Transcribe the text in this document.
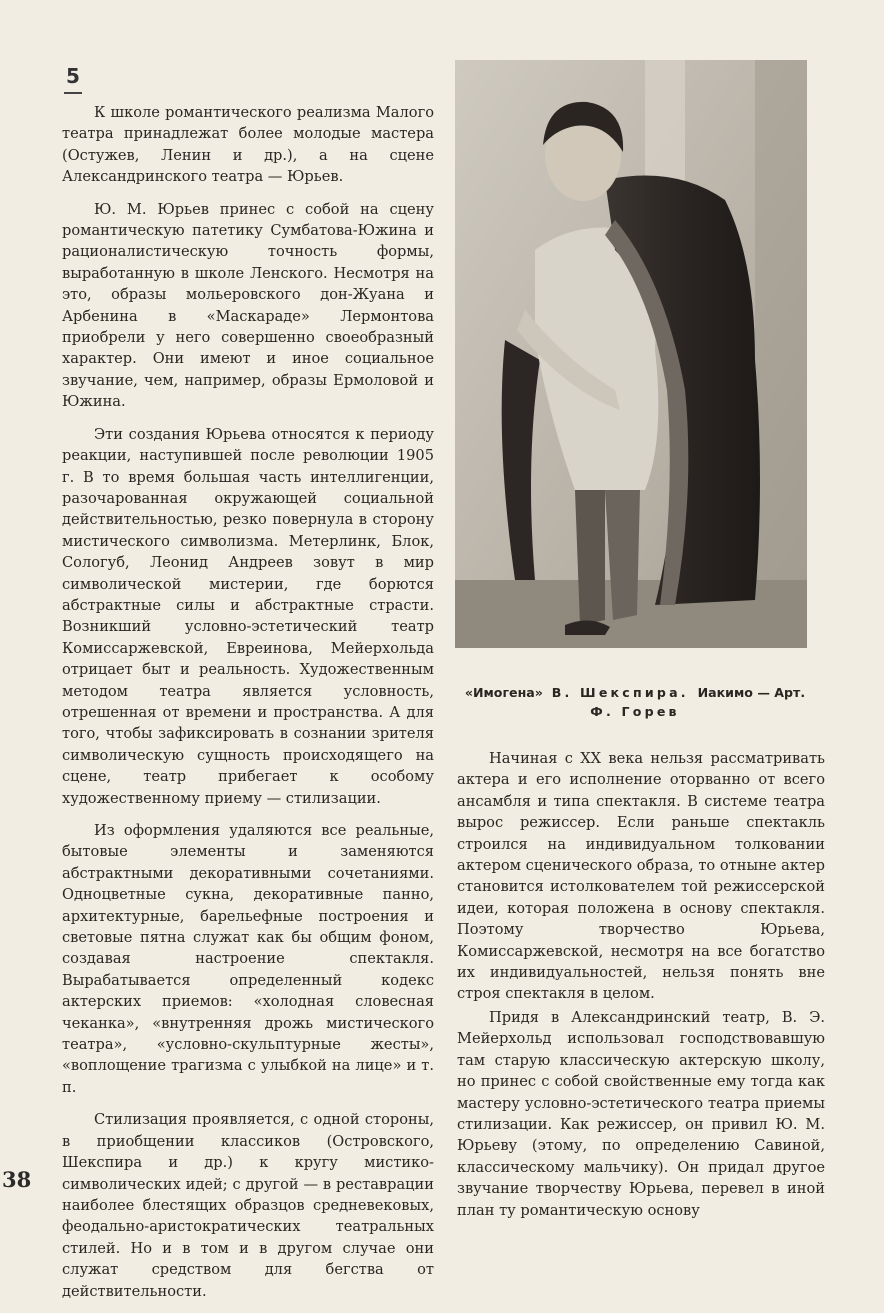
5

К школе романтического реализма Малого театра принадлежат более молодые мастера (Остужев, Ленин и др.), а на сцене Александринского театра — Юрьев.

Ю. М. Юрьев принес с собой на сцену романтическую патетику Сумбатова-Южина и рационалистическую точность формы, выработанную в школе Ленского. Несмотря на это, образы мольеровского дон-Жуана и Арбенина в «Маскараде» Лермонтова приобрели у него совершенно своеобразный характер. Они имеют и иное социальное звучание, чем, например, образы Ермоловой и Южина.

Эти создания Юрьева относятся к периоду реакции, наступившей после революции 1905 г. В то время большая часть интеллигенции, разочарованная окружающей социальной действительностью, резко повернула в сторону мистического символизма. Метерлинк, Блок, Сологуб, Леонид Андреев зовут в мир символической мистерии, где борются абстрактные силы и абстрактные страсти. Возникший условно-эстетический театр Комиссаржевской, Евреинова, Мейерхольда отрицает быт и реальность. Художественным методом театра является условность, отрешенная от времени и пространства. А для того, чтобы зафиксировать в сознании зрителя символическую сущность происходящего на сцене, театр прибегает к особому художественному приему — стилизации.

Из оформления удаляются все реальные, бытовые элементы и заменяются абстрактными декоративными сочетаниями. Одноцветные сукна, декоративные панно, архитектурные, барельефные построения и световые пятна служат как бы общим фоном, создавая настроение спектакля. Вырабатывается определенный кодекс актерских приемов: «холодная словесная чеканка», «внутренняя дрожь мистического театра», «условно-скульптурные жесты», «воплощение трагизма с улыбкой на лице» и т. п.

Стилизация проявляется, с одной стороны, в приобщении классиков (Островского, Шекспира и др.) к кругу мистико-символических идей; с другой — в реставрации наиболее блестящих образцов средневековых, феодально-аристократических театральных стилей. Но и в том и в другом случае они служат средством для бегства от действительности.

«Имогена» В. Шекспира. Иакимо — Арт.
Ф. Горев

Начиная с XX века нельзя рассматривать актера и его исполнение оторванно от всего ансамбля и типа спектакля. В системе театра вырос режиссер. Если раньше спектакль строился на индивидуальном толковании актером сценического образа, то отныне актер становится истолкователем той режиссерской идеи, которая положена в основу спектакля. Поэтому творчество Юрьева, Комиссаржевской, несмотря на все богатство их индивидуальностей, нельзя понять вне строя спектакля в целом.

Придя в Александринский театр, В. Э. Мейерхольд использовал господствовавшую там старую классическую актерскую школу, но принес с собой свойственные ему тогда как мастеру условно-эстетического театра приемы стилизации. Как режиссер, он привил Ю. М. Юрьеву (этому, по определению Савиной, классическому мальчику). Он придал другое звучание творчеству Юрьева, перевел в иной план ту романтическую основу

38
